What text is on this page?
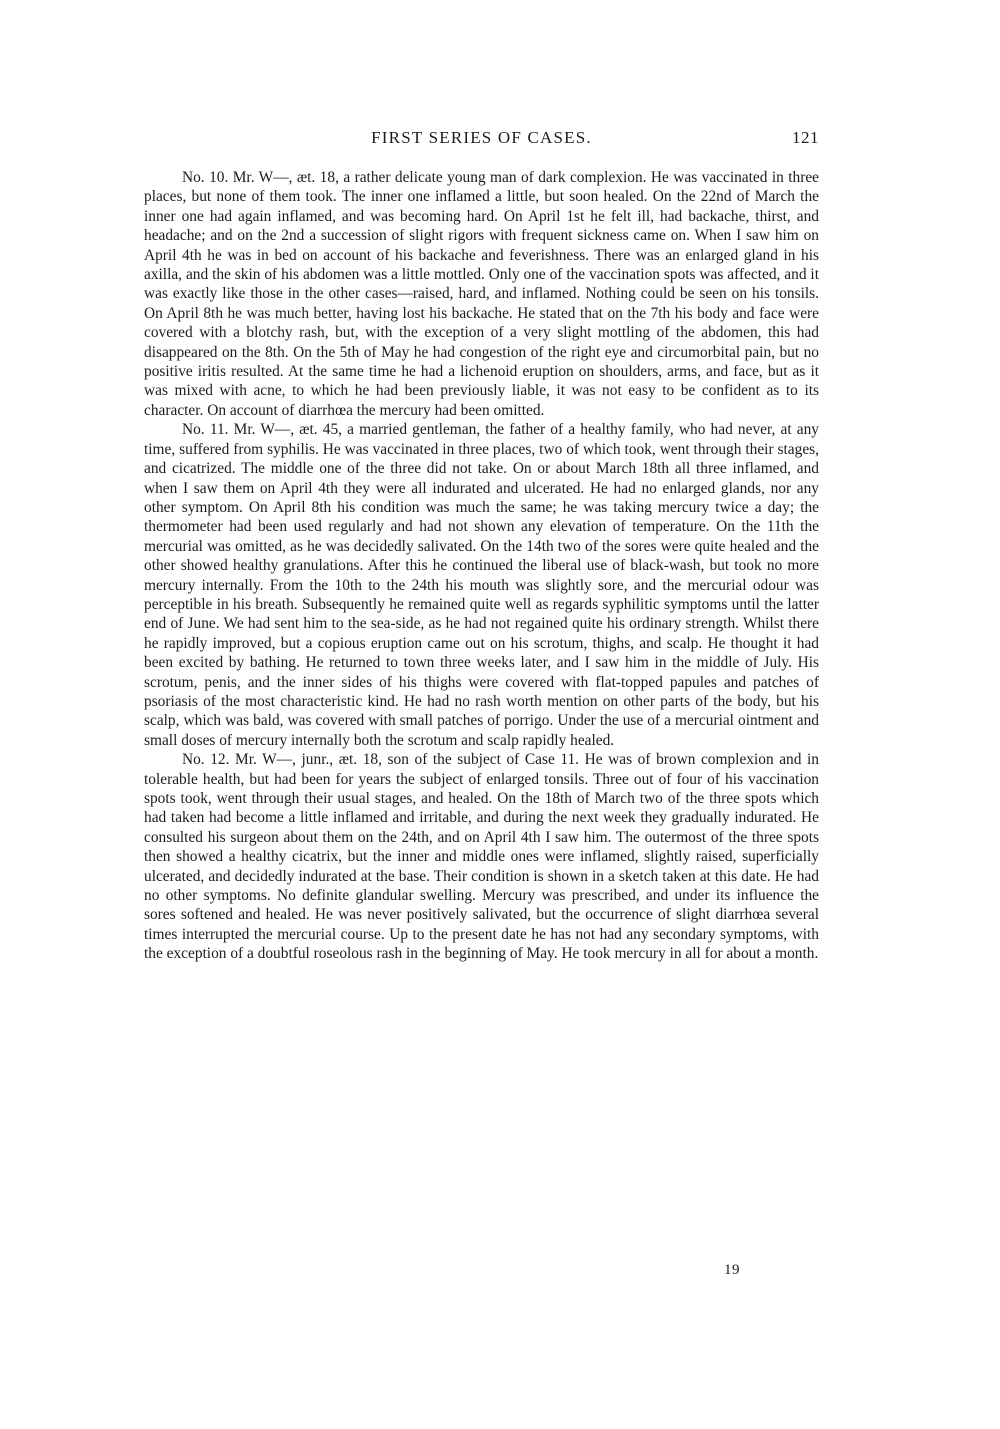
FIRST SERIES OF CASES.	121

No. 10. Mr. W—, æt. 18, a rather delicate young man of dark complexion. He was vaccinated in three places, but none of them took. The inner one inflamed a little, but soon healed. On the 22nd of March the inner one had again inflamed, and was becoming hard. On April 1st he felt ill, had backache, thirst, and headache; and on the 2nd a succession of slight rigors with frequent sickness came on. When I saw him on April 4th he was in bed on account of his backache and feverishness. There was an enlarged gland in his axilla, and the skin of his abdomen was a little mottled. Only one of the vaccination spots was affected, and it was exactly like those in the other cases—raised, hard, and inflamed. Nothing could be seen on his tonsils. On April 8th he was much better, having lost his backache. He stated that on the 7th his body and face were covered with a blotchy rash, but, with the exception of a very slight mottling of the abdomen, this had disappeared on the 8th. On the 5th of May he had congestion of the right eye and circumorbital pain, but no positive iritis resulted. At the same time he had a lichenoid eruption on shoulders, arms, and face, but as it was mixed with acne, to which he had been previously liable, it was not easy to be confident as to its character. On account of diarrhœa the mercury had been omitted.

No. 11. Mr. W—, æt. 45, a married gentleman, the father of a healthy family, who had never, at any time, suffered from syphilis. He was vaccinated in three places, two of which took, went through their stages, and cicatrized. The middle one of the three did not take. On or about March 18th all three inflamed, and when I saw them on April 4th they were all indurated and ulcerated. He had no enlarged glands, nor any other symptom. On April 8th his condition was much the same; he was taking mercury twice a day; the thermometer had been used regularly and had not shown any elevation of temperature. On the 11th the mercurial was omitted, as he was decidedly salivated. On the 14th two of the sores were quite healed and the other showed healthy granulations. After this he continued the liberal use of black-wash, but took no more mercury internally. From the 10th to the 24th his mouth was slightly sore, and the mercurial odour was perceptible in his breath. Subsequently he remained quite well as regards syphilitic symptoms until the latter end of June. We had sent him to the sea-side, as he had not regained quite his ordinary strength. Whilst there he rapidly improved, but a copious eruption came out on his scrotum, thighs, and scalp. He thought it had been excited by bathing. He returned to town three weeks later, and I saw him in the middle of July. His scrotum, penis, and the inner sides of his thighs were covered with flat-topped papules and patches of psoriasis of the most characteristic kind. He had no rash worth mention on other parts of the body, but his scalp, which was bald, was covered with small patches of porrigo. Under the use of a mercurial ointment and small doses of mercury internally both the scrotum and scalp rapidly healed.

No. 12. Mr. W—, junr., æt. 18, son of the subject of Case 11. He was of brown complexion and in tolerable health, but had been for years the subject of enlarged tonsils. Three out of four of his vaccination spots took, went through their usual stages, and healed. On the 18th of March two of the three spots which had taken had become a little inflamed and irritable, and during the next week they gradually indurated. He consulted his surgeon about them on the 24th, and on April 4th I saw him. The outermost of the three spots then showed a healthy cicatrix, but the inner and middle ones were inflamed, slightly raised, superficially ulcerated, and decidedly indurated at the base. Their condition is shown in a sketch taken at this date. He had no other symptoms. No definite glandular swelling. Mercury was prescribed, and under its influence the sores softened and healed. He was never positively salivated, but the occurrence of slight diarrhœa several times interrupted the mercurial course. Up to the present date he has not had any secondary symptoms, with the exception of a doubtful roseolous rash in the beginning of May. He took mercury in all for about a month.

19
